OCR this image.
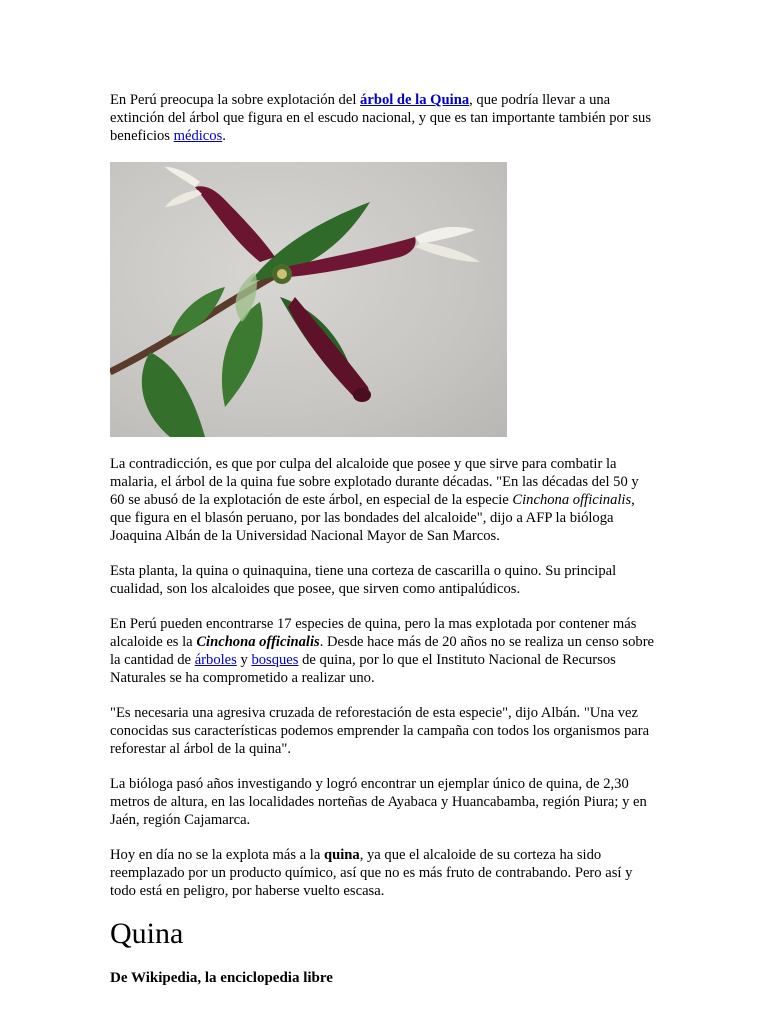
En Perú preocupa la sobre explotación del árbol de la Quina, que podría llevar a una extinción del árbol que figura en el escudo nacional, y que es tan importante también por sus beneficios médicos.

La contradicción, es que por culpa del alcaloide que posee y que sirve para combatir la malaria, el árbol de la quina fue sobre explotado durante décadas. "En las décadas del 50 y 60 se abusó de la explotación de este árbol, en especial de la especie Cinchona officinalis, que figura en el blasón peruano, por las bondades del alcaloide", dijo a AFP la bióloga Joaquina Albán de la Universidad Nacional Mayor de San Marcos.

Esta planta, la quina o quinaquina, tiene una corteza de cascarilla o quino. Su principal cualidad, son los alcaloides que posee, que sirven como antipalúdicos.

En Perú pueden encontrarse 17 especies de quina, pero la mas explotada por contener más alcaloide es la Cinchona officinalis. Desde hace más de 20 años no se realiza un censo sobre la cantidad de árboles y bosques de quina, por lo que el Instituto Nacional de Recursos Naturales se ha comprometido a realizar uno.

"Es necesaria una agresiva cruzada de reforestación de esta especie", dijo Albán. "Una vez conocidas sus características podemos emprender la campaña con todos los organismos para reforestar al árbol de la quina".

La bióloga pasó años investigando y logró encontrar un ejemplar único de quina, de 2,30 metros de altura, en las localidades norteñas de Ayabaca y Huancabamba, región Piura; y en Jaén, región Cajamarca.

Hoy en día no se la explota más a la quina, ya que el alcaloide de su corteza ha sido reemplazado por un producto químico, así que no es más fruto de contrabando. Pero así y todo está en peligro, por haberse vuelto escasa.

Quina
De Wikipedia, la enciclopedia libre
